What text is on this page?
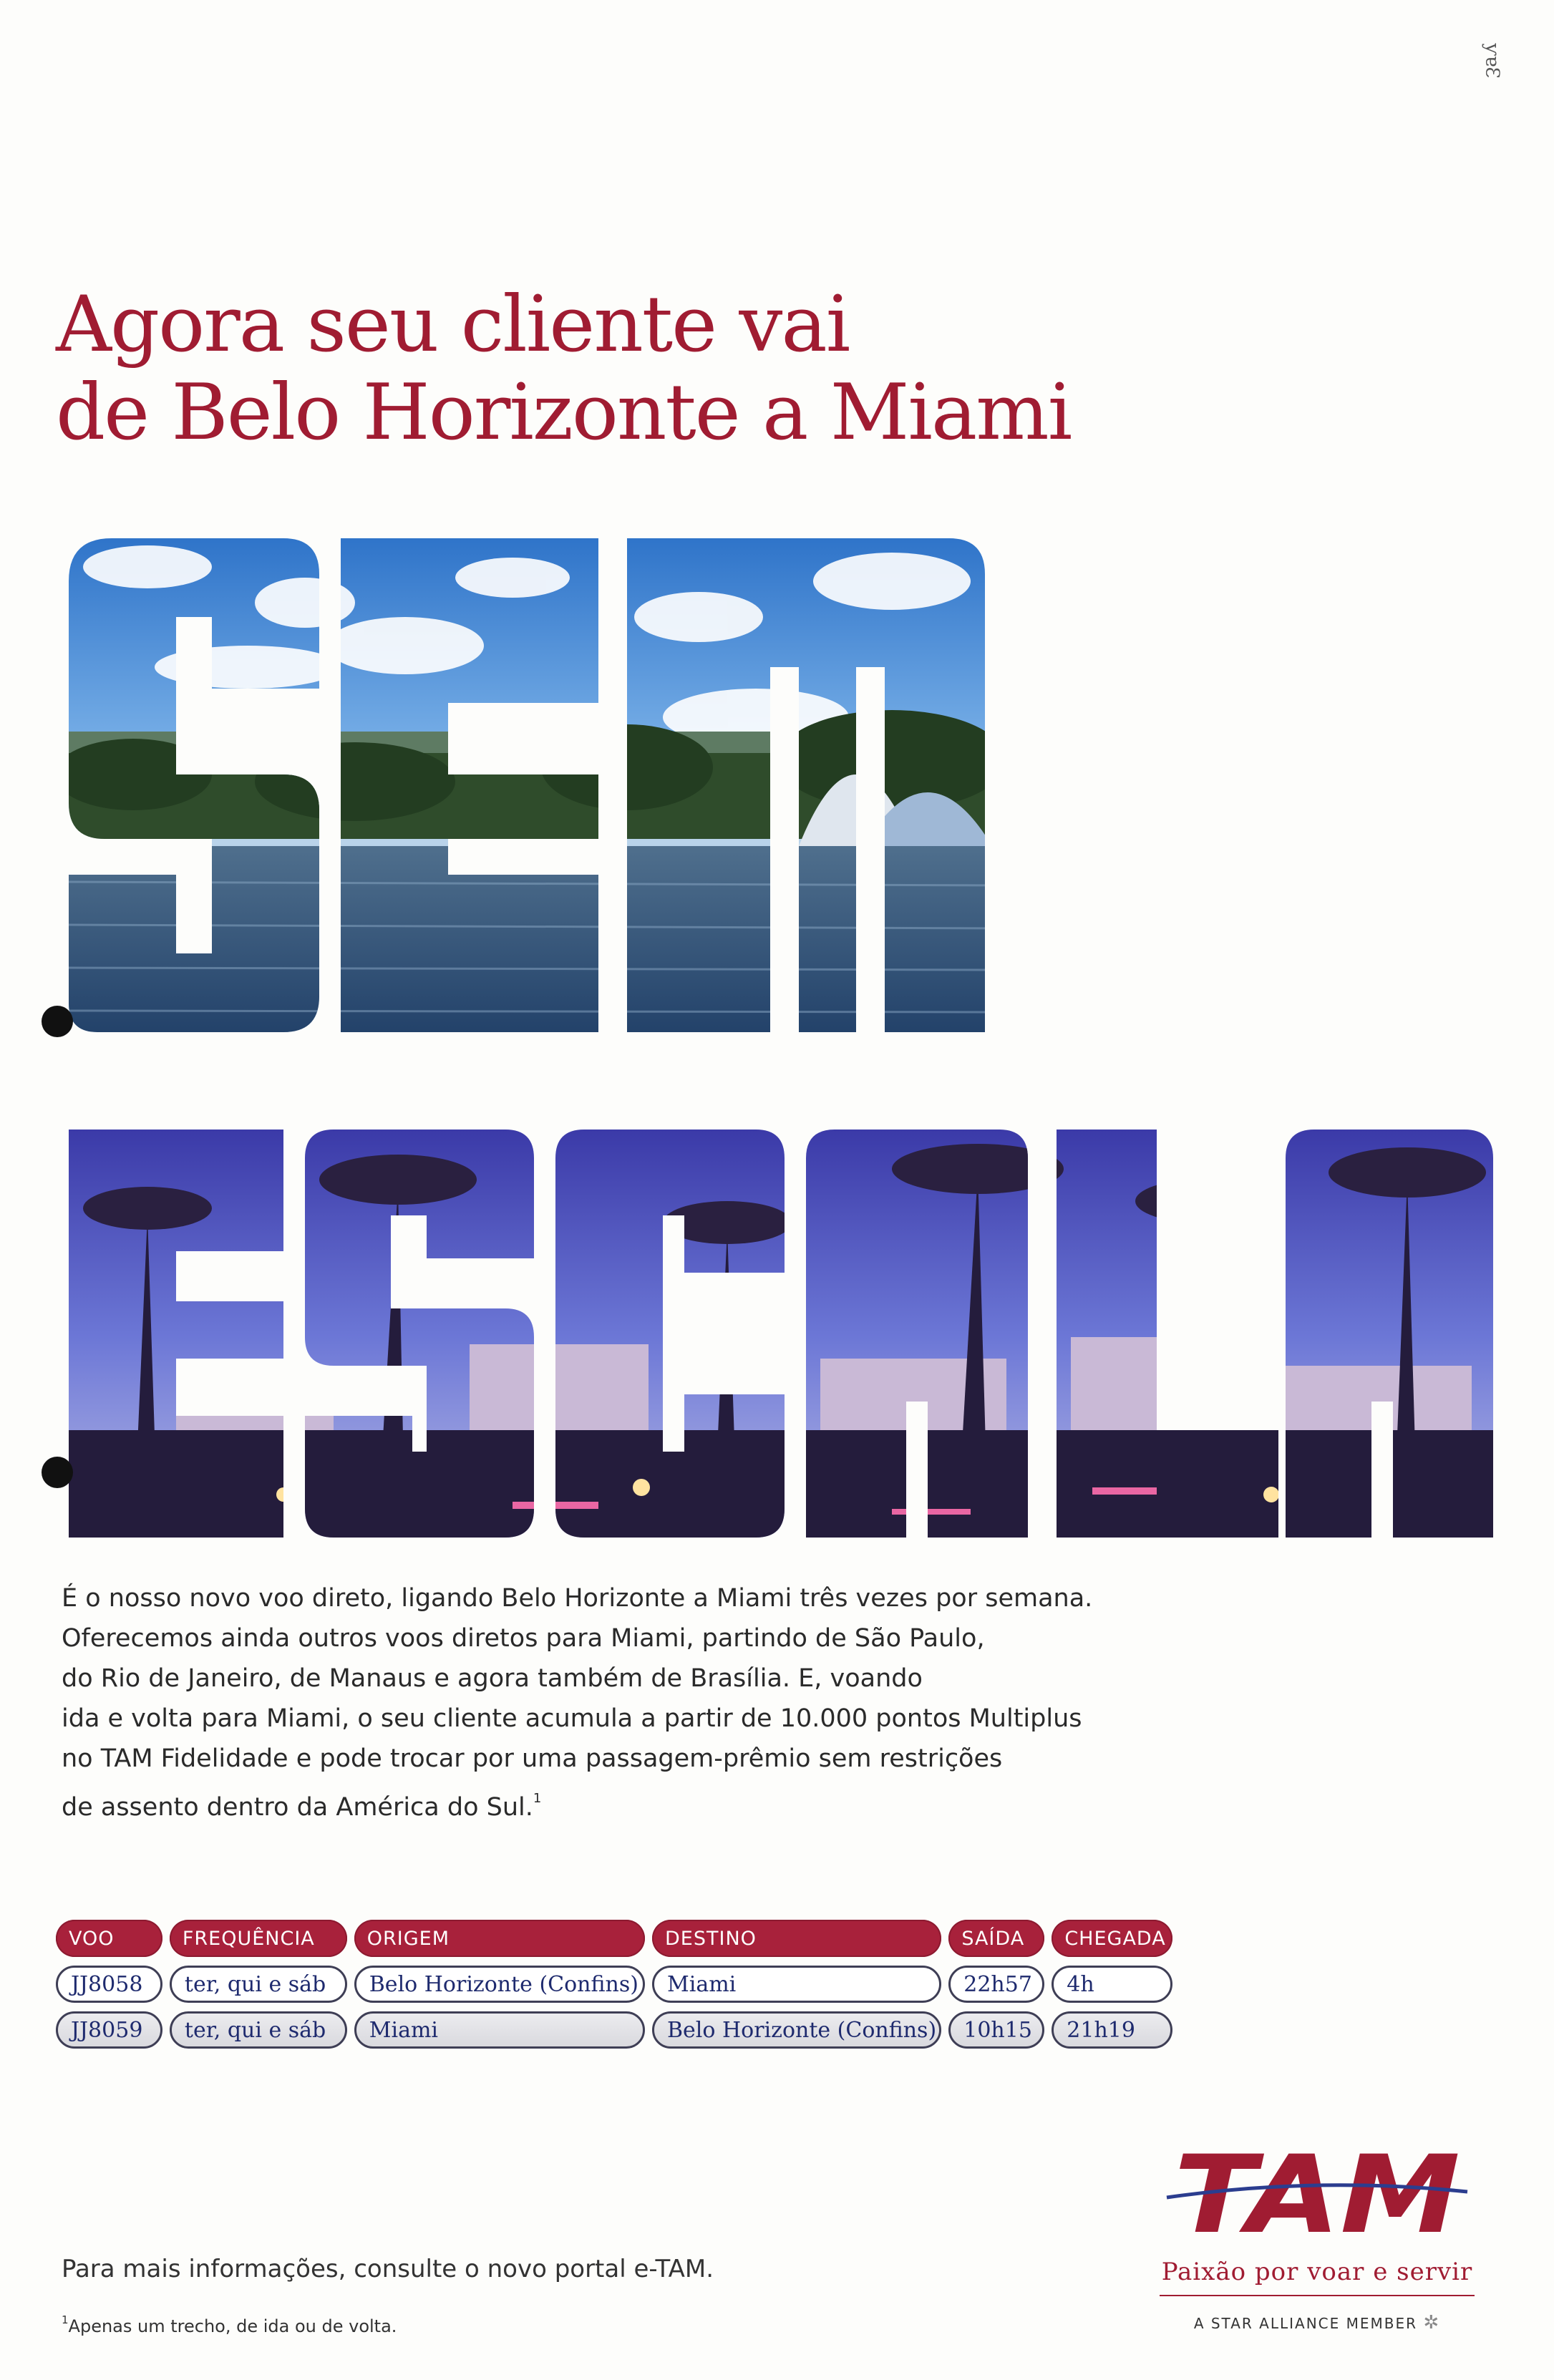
ƴɐƐ
Agora seu cliente vai
de Belo Horizonte a Miami

É o nosso novo voo direto, ligando Belo Horizonte a Miami três vezes por semana.

Oferecemos ainda outros voos diretos para Miami, partindo de São Paulo,

do Rio de Janeiro, de Manaus e agora também de Brasília. E, voando

ida e volta para Miami, o seu cliente acumula a partir de 10.000 pontos Multiplus

no TAM Fidelidade e pode trocar por uma passagem-prêmio sem restrições

de assento dentro da América do Sul.$^1$

VOO	FREQUÊNCIA	ORIGEM	DESTINO	SAÍDA	CHEGADA
JJ8058	ter, qui e sáb	Belo Horizonte (Confins)	Miami	22h57	4h
JJ8059	ter, qui e sáb	Miami	Belo Horizonte (Confins)	10h15	21h19
Para mais informações, consulte o novo portal e-TAM.
$^1$Apenas um trecho, de ida ou de volta.
TAM
Paixão por voar e servir
A STAR ALLIANCE MEMBER ✲
